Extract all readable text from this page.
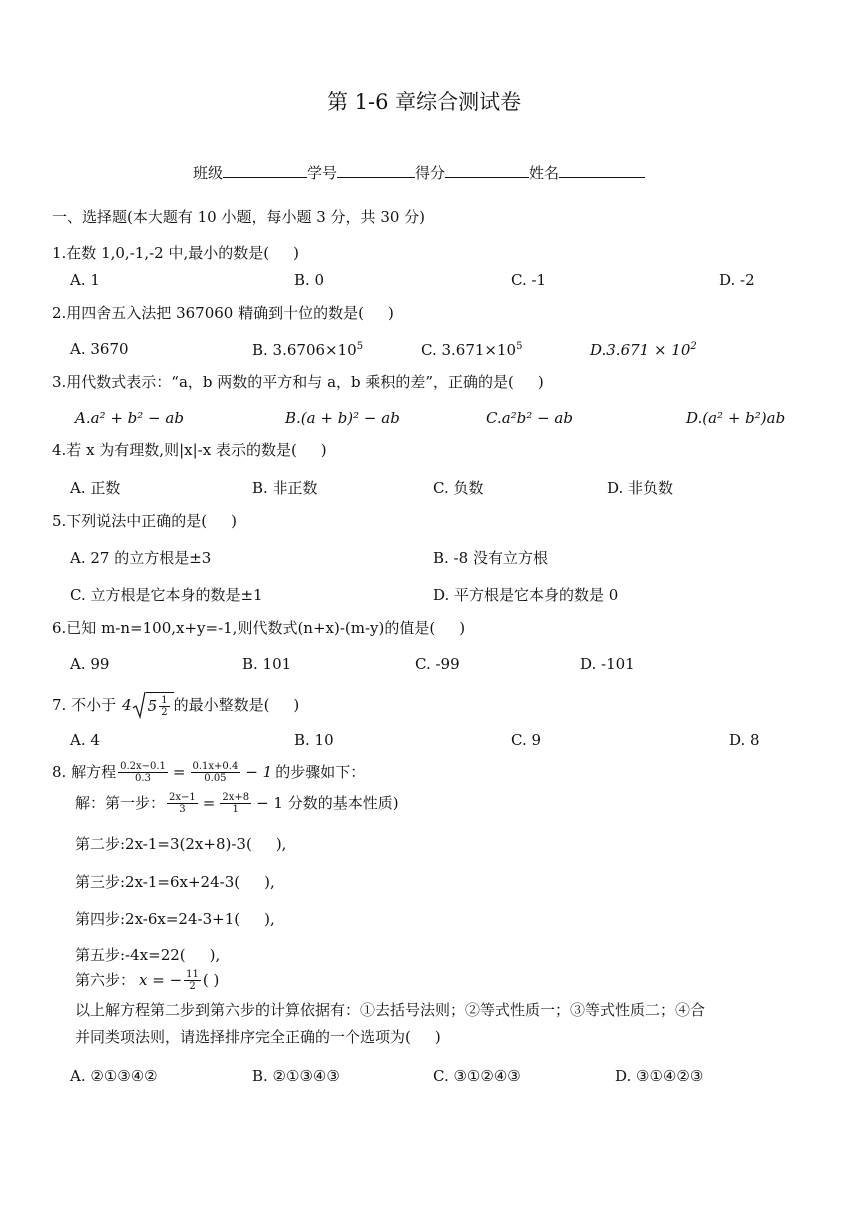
第 1-6 章综合测试卷
班级	学号	得分	姓名
一、选择题(本大题有 10 小题，每小题 3 分，共 30 分)
1.在数 1,0,-1,-2 中,最小的数是( )
A. 1	B. 0	C. -1	D. -2
2.用四舍五入法把 367060 精确到十位的数是( )
A. 3670	B. $3.6706\times 10^5$	C. $3.671\times 10^5$	$D.3.671 \times 10^2$
3.用代数式表示：“a，b 两数的平方和与 a，b 乘积的差”，正确的是( )
A.a² + b² − ab	B.(a + b)² − ab	C.a²b² − ab	D.(a² + b²)ab
4.若 x 为有理数,则|x|-x 表示的数是( )
A. 正数	B. 非正数	C. 负数	D. 非负数
5.下列说法中正确的是( )
A. 27 的立方根是±3	B. -8 没有立方根
C. 立方根是它本身的数是±1	D. 平方根是它本身的数是 0
6.已知 m-n=100,x+y=-1,则代数式(n+x)-(m-y)的值是( )
A. 99	B. 101	C. -99	D. -101
7. 不小于 4 $5 \frac{1}{2}$ 的最小整数是( )
A. 4	B. 10	C. 9	D. 8
8. 解方程 $\frac{0.2x-0.1}{0.3} = \frac{0.1x+0.4}{0.05} - 1$ 的步骤如下：
解：第一步： $\frac{2x-1}{3} = \frac{2x+8}{1} - 1$ 分数的基本性质)
第二步:2x-1=3(2x+8)-3( ),
第三步:2x-1=6x+24-3( ),
第四步:2x-6x=24-3+1( ),
第五步:-4x=22( ),
第六步： x = − $\frac{11}{2}$ ( )
以上解方程第二步到第六步的计算依据有：①去括号法则；②等式性质一；③等式性质二；④合
并同类项法则，请选择排序完全正确的一个选项为( )
A. ②①③④②	B. ②①③④③	C. ③①②④③	D. ③①④②③
